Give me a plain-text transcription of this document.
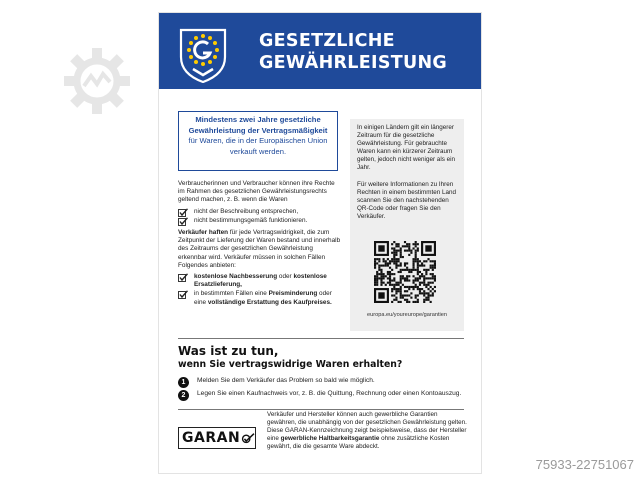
GESETZLICHE
GEWÄHRLEISTUNG
Mindestens zwei Jahre gesetzliche Gewährleistung der Vertragsmäßigkeit für Waren, die in der Europäischen Union verkauft werden.

Verbraucherinnen und Verbraucher können ihre Rechte im Rahmen des gesetzlichen Gewährleistungsrechts geltend machen, z. B. wenn die Waren

nicht der Beschreibung entsprechen,
nicht bestimmungsgemäß funktionieren.

Verkäufer haften für jede Vertragswidrigkeit, die zum Zeitpunkt der Lieferung der Waren bestand und innerhalb des Zeitraums der gesetzlichen Gewährleistung erkennbar wird. Verkäufer müssen in solchen Fällen Folgendes anbieten:

kostenlose Nachbesserung oder kostenlose Ersatzlieferung,
in bestimmten Fällen eine Preisminderung oder eine vollständige Erstattung des Kaufpreises.

In einigen Ländern gilt ein längerer Zeitraum für die gesetzliche Gewährleistung. Für gebrauchte Waren kann ein kürzerer Zeitraum gelten, jedoch nicht weniger als ein Jahr.

Für weitere Informationen zu Ihren Rechten in einem bestimmten Land scannen Sie den nachstehenden QR-Code oder fragen Sie den Verkäufer.

europa.eu/youreurope/garantien
Was ist zu tun,
wenn Sie vertragswidrige Waren erhalten?
1	Melden Sie dem Verkäufer das Problem so bald wie möglich.
2	Legen Sie einen Kaufnachweis vor, z. B. die Quittung, Rechnung oder einen Kontoauszug.
GARAN

Verkäufer und Hersteller können auch gewerbliche Garantien gewähren, die unabhängig von der gesetzlichen Gewährleistung gelten. Diese GARAN-Kennzeichnung zeigt beispielsweise, dass der Hersteller eine gewerbliche Haltbarkeitsgarantie ohne zusätzliche Kosten gewährt, die die gesamte Ware abdeckt.

75933-22751067
